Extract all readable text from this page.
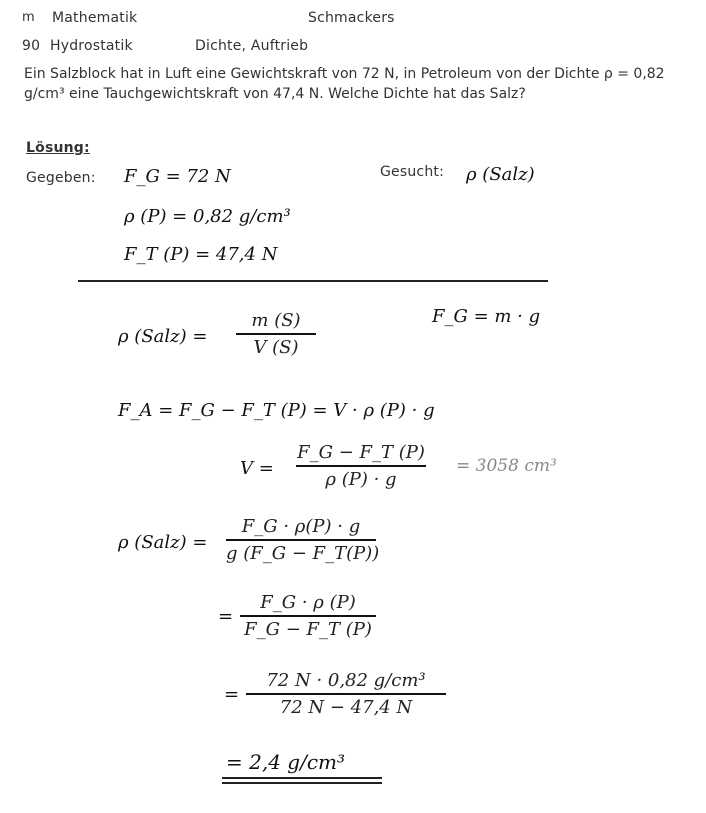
m Mathematik	Schmackers
90 Hydrostatik	Dichte, Auftrieb
Ein Salzblock hat in Luft eine Gewichtskraft von 72 N, in Petroleum von der Dichte ρ = 0,82 g/cm³ eine Tauchgewichtskraft von 47,4 N. Welche Dichte hat das Salz?
Lösung:
Gegeben: F_G = 72 N
ρ (P) = 0,82 g/cm³
F_T (P) = 47,4 N
Gesucht: ρ (Salz)
ρ (Salz) =
m (S)
V (S)
F_G = m · g
F_A = F_G − F_T (P) = V · ρ (P) · g
V =
F_G − F_T (P)
ρ (P) · g
= 3058 cm³
ρ (Salz) =
F_G · ρ(P) · g
g (F_G − F_T(P))
=
F_G · ρ (P)
F_G − F_T (P)
=
72 N · 0,82 g/cm³
72 N − 47,4 N
= 2,4 g/cm³
